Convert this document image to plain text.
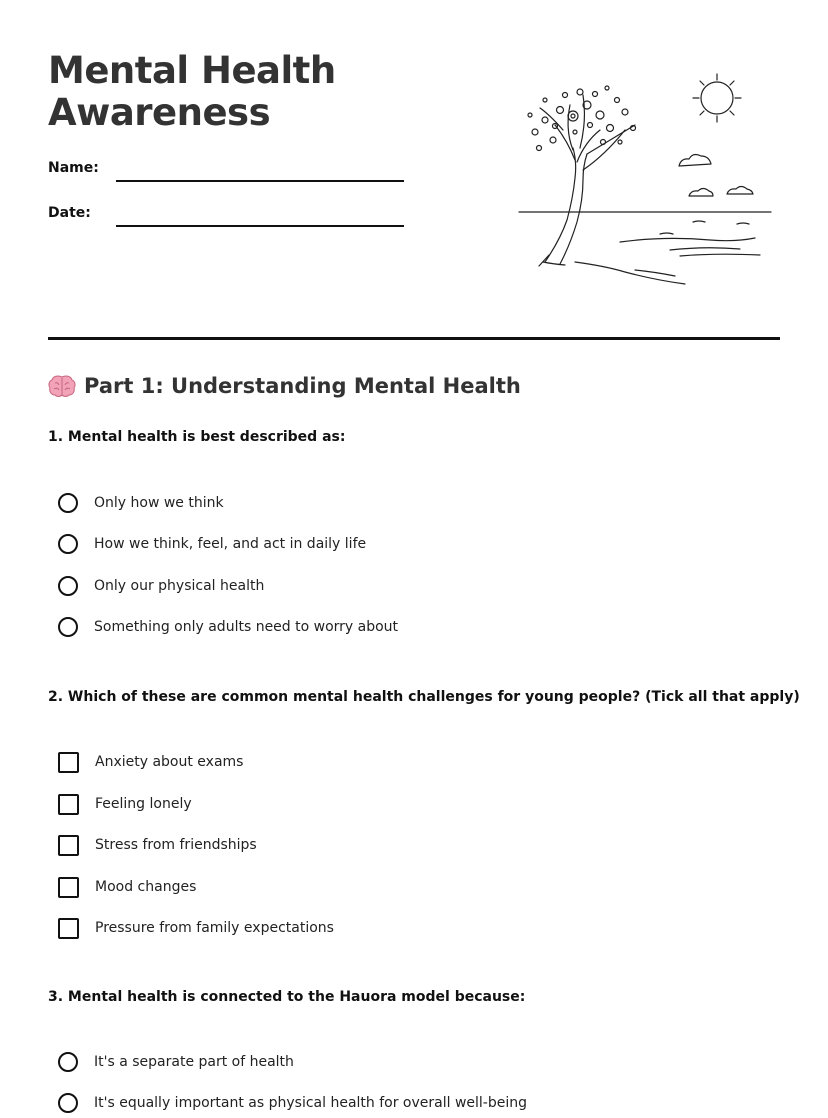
Mental Health
Awareness
Name:
Date:
Part 1: Understanding Mental Health

1. Mental health is best described as:

Only how we think
How we think, feel, and act in daily life
Only our physical health
Something only adults need to worry about

2. Which of these are common mental health challenges for young people? (Tick all that apply)

Anxiety about exams
Feeling lonely
Stress from friendships
Mood changes
Pressure from family expectations

3. Mental health is connected to the Hauora model because:

It's a separate part of health
It's equally important as physical health for overall well-being
